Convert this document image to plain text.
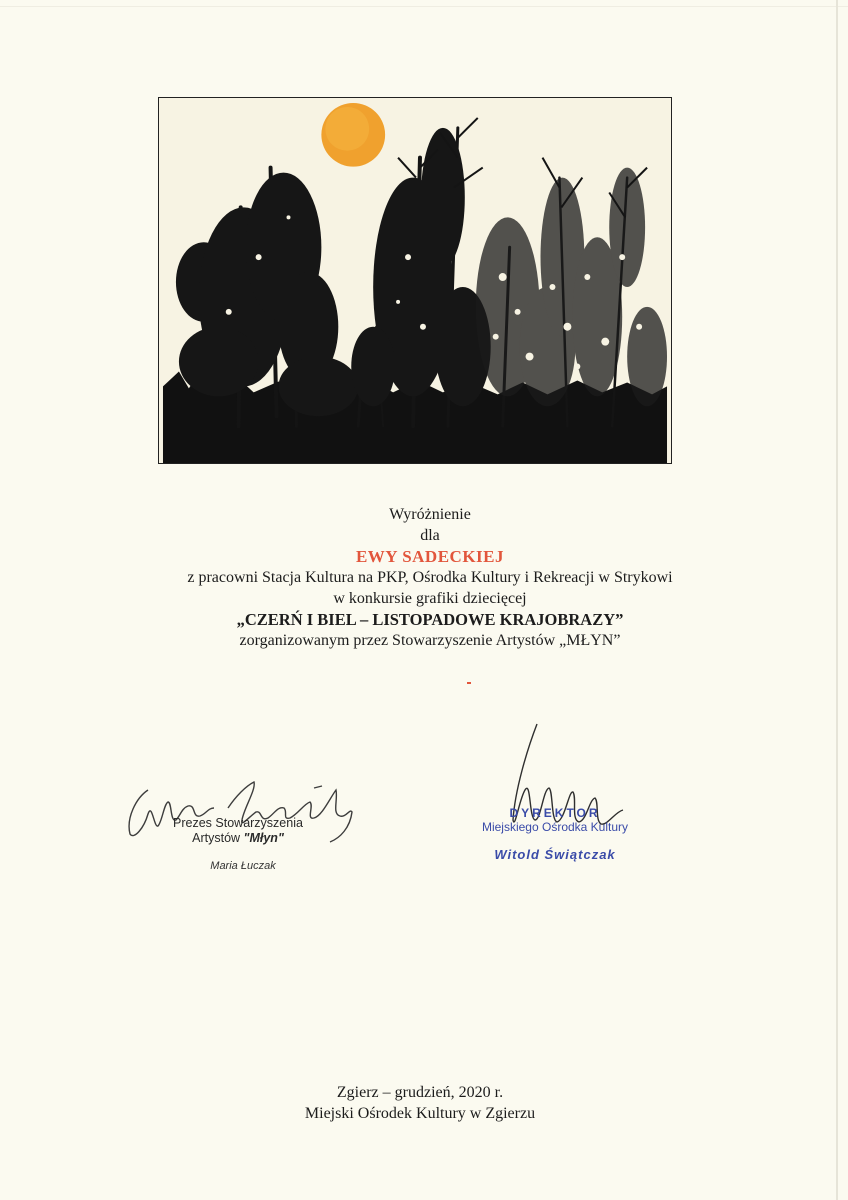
Wyróżnienie
dla
EWY SADECKIEJ
z pracowni Stacja Kultura na PKP, Ośrodka Kultury i Rekreacji w Strykowi
w konkursie grafiki dziecięcej
„CZERŃ I BIEL – LISTOPADOWE KRAJOBRAZY”
zorganizowanym przez Stowarzyszenie Artystów „MŁYN”
Prezes Stowarzyszenia
Artystów "Młyn"
Maria Łuczak
DYREKTOR
Miejskiego Ośrodka Kultury
Witold Świątczak
Zgierz – grudzień, 2020 r.
Miejski Ośrodek Kultury w Zgierzu
